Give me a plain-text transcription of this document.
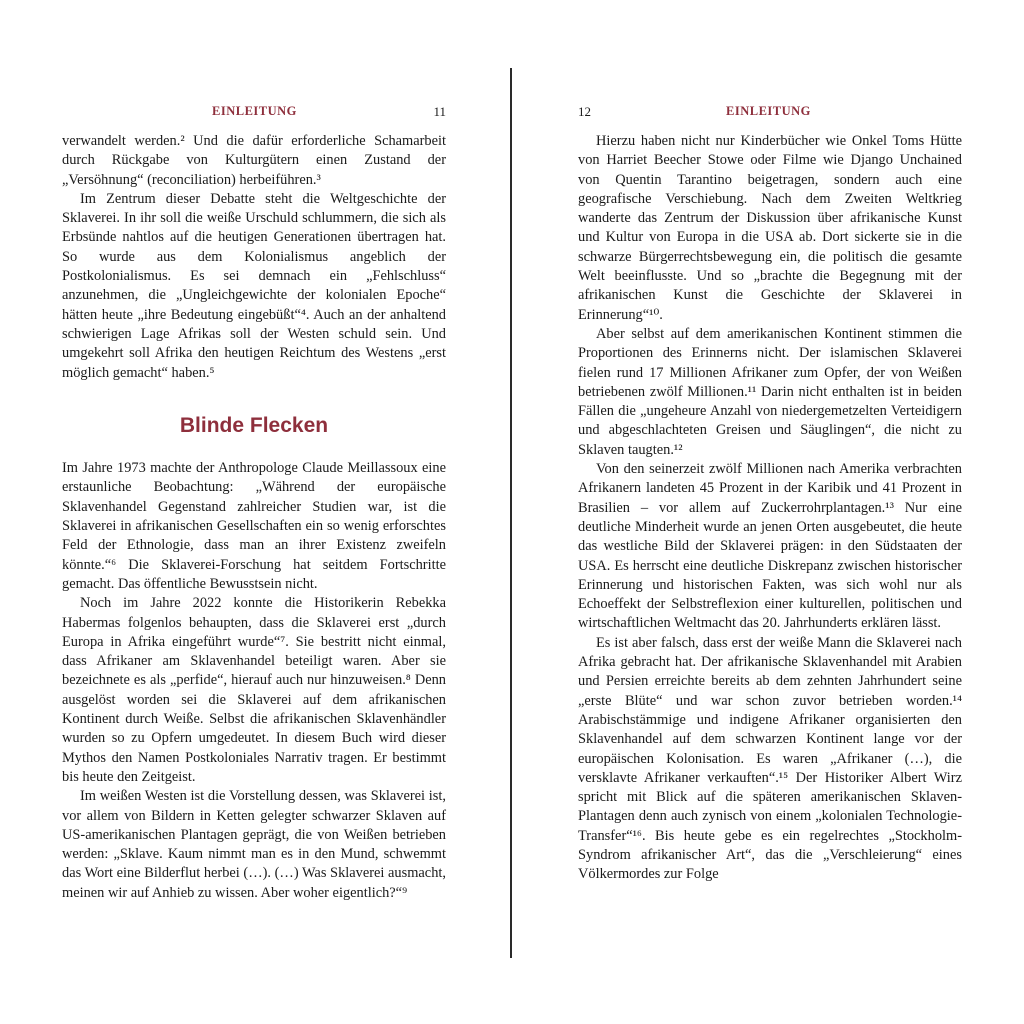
EINLEITUNG	11

verwandelt werden.² Und die dafür erforderliche Schamarbeit durch Rückgabe von Kulturgütern einen Zustand der „Versöhnung“ (reconciliation) herbeiführen.³

Im Zentrum dieser Debatte steht die Weltgeschichte der Sklaverei. In ihr soll die weiße Urschuld schlummern, die sich als Erbsünde nahtlos auf die heutigen Generationen übertragen hat. So wurde aus dem Kolonialismus angeblich der Postkolonialismus. Es sei demnach ein „Fehlschluss“ anzunehmen, die „Ungleichgewichte der kolonialen Epoche“ hätten heute „ihre Bedeutung eingebüßt“⁴. Auch an der anhaltend schwierigen Lage Afrikas soll der Westen schuld sein. Und umgekehrt soll Afrika den heutigen Reichtum des Westens „erst möglich gemacht“ haben.⁵

Blinde Flecken

Im Jahre 1973 machte der Anthropologe Claude Meillassoux eine erstaunliche Beobachtung: „Während der europäische Sklavenhandel Gegenstand zahlreicher Studien war, ist die Sklaverei in afrikanischen Gesellschaften ein so wenig erforschtes Feld der Ethnologie, dass man an ihrer Existenz zweifeln könnte.“⁶ Die Sklaverei-Forschung hat seitdem Fortschritte gemacht. Das öffentliche Bewusstsein nicht.

Noch im Jahre 2022 konnte die Historikerin Rebekka Habermas folgenlos behaupten, dass die Sklaverei erst „durch Europa in Afrika eingeführt wurde“⁷. Sie bestritt nicht einmal, dass Afrikaner am Sklavenhandel beteiligt waren. Aber sie bezeichnete es als „perfide“, hierauf auch nur hinzuweisen.⁸ Denn ausgelöst worden sei die Sklaverei auf dem afrikanischen Kontinent durch Weiße. Selbst die afrikanischen Sklavenhändler wurden so zu Opfern umgedeutet. In diesem Buch wird dieser Mythos den Namen Postkoloniales Narrativ tragen. Er bestimmt bis heute den Zeitgeist.

Im weißen Westen ist die Vorstellung dessen, was Sklaverei ist, vor allem von Bildern in Ketten gelegter schwarzer Sklaven auf US-amerikanischen Plantagen geprägt, die von Weißen betrieben werden: „Sklave. Kaum nimmt man es in den Mund, schwemmt das Wort eine Bilderflut herbei (…). (…) Was Sklaverei ausmacht, meinen wir auf Anhieb zu wissen. Aber woher eigentlich?“⁹

12	EINLEITUNG

Hierzu haben nicht nur Kinderbücher wie Onkel Toms Hütte von Harriet Beecher Stowe oder Filme wie Django Unchained von Quentin Tarantino beigetragen, sondern auch eine geografische Verschiebung. Nach dem Zweiten Weltkrieg wanderte das Zentrum der Diskussion über afrikanische Kunst und Kultur von Europa in die USA ab. Dort sickerte sie in die schwarze Bürgerrechtsbewegung ein, die politisch die gesamte Welt beeinflusste. Und so „brachte die Begegnung mit der afrikanischen Kunst die Geschichte der Sklaverei in Erinnerung“¹⁰.

Aber selbst auf dem amerikanischen Kontinent stimmen die Proportionen des Erinnerns nicht. Der islamischen Sklaverei fielen rund 17 Millionen Afrikaner zum Opfer, der von Weißen betriebenen zwölf Millionen.¹¹ Darin nicht enthalten ist in beiden Fällen die „ungeheure Anzahl von niedergemetzelten Verteidigern und abgeschlachteten Greisen und Säuglingen“, die nicht zu Sklaven taugten.¹²

Von den seinerzeit zwölf Millionen nach Amerika verbrachten Afrikanern landeten 45 Prozent in der Karibik und 41 Prozent in Brasilien – vor allem auf Zuckerrohrplantagen.¹³ Nur eine deutliche Minderheit wurde an jenen Orten ausgebeutet, die heute das westliche Bild der Sklaverei prägen: in den Südstaaten der USA. Es herrscht eine deutliche Diskrepanz zwischen historischer Erinnerung und historischen Fakten, was sich wohl nur als Echoeffekt der Selbstreflexion einer kulturellen, politischen und wirtschaftlichen Weltmacht das 20. Jahrhunderts erklären lässt.

Es ist aber falsch, dass erst der weiße Mann die Sklaverei nach Afrika gebracht hat. Der afrikanische Sklavenhandel mit Arabien und Persien erreichte bereits ab dem zehnten Jahrhundert seine „erste Blüte“ und war schon zuvor betrieben worden.¹⁴ Arabischstämmige und indigene Afrikaner organisierten den Sklavenhandel auf dem schwarzen Kontinent lange vor der europäischen Kolonisation. Es waren „Afrikaner (…), die versklavte Afrikaner verkauften“.¹⁵ Der Historiker Albert Wirz spricht mit Blick auf die späteren amerikanischen Sklaven-Plantagen denn auch zynisch von einem „kolonialen Technologie-Transfer“¹⁶. Bis heute gebe es ein regelrechtes „Stockholm-Syndrom afrikanischer Art“, das die „Verschleierung“ eines Völkermordes zur Folge
